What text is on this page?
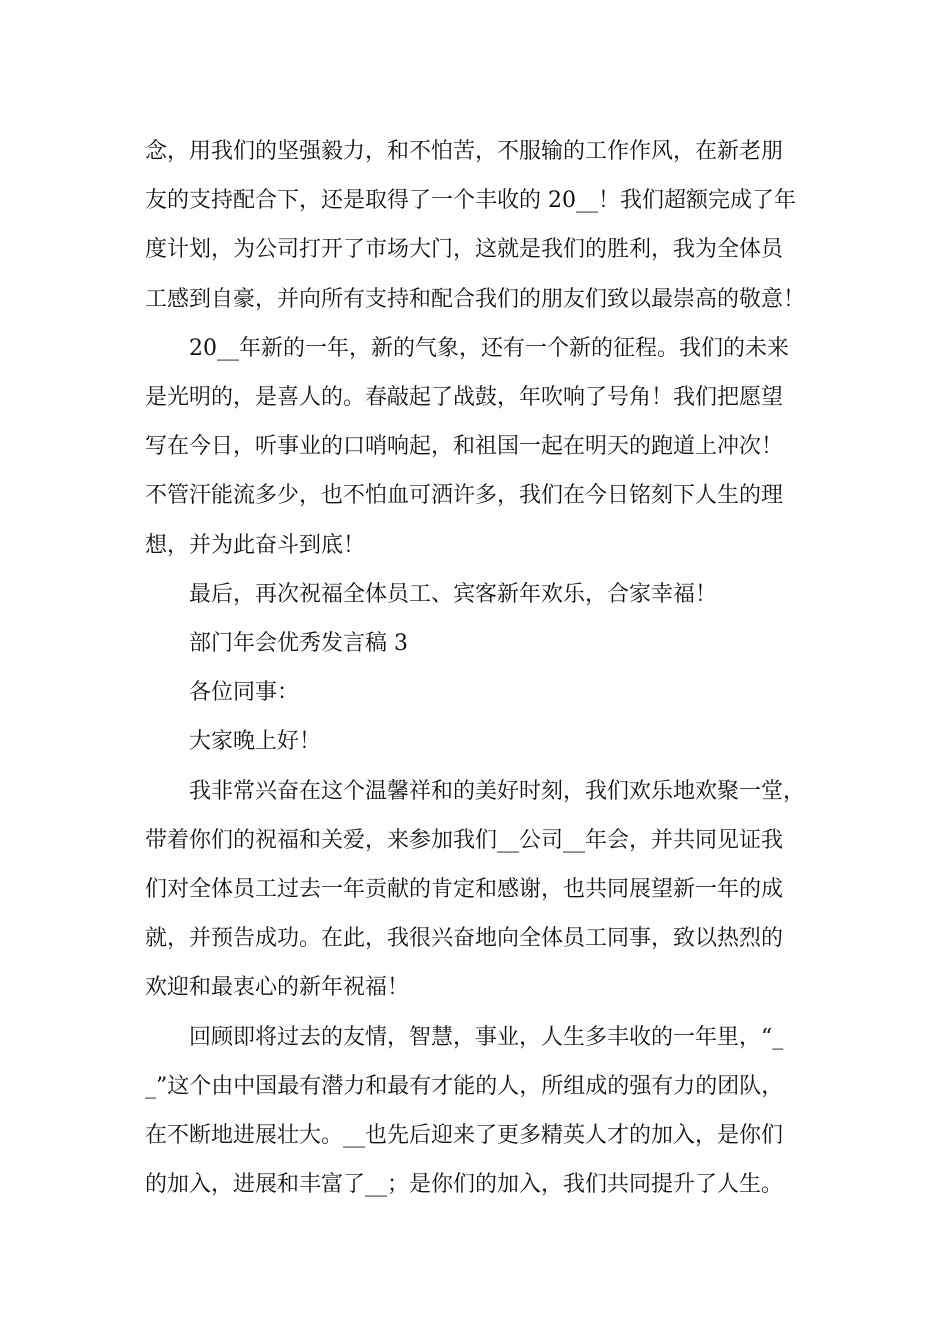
念，用我们的坚强毅力，和不怕苦，不服输的工作作风，在新老朋
友的支持配合下，还是取得了一个丰收的 20__！我们超额完成了年
度计划，为公司打开了市场大门，这就是我们的胜利，我为全体员
工感到自豪，并向所有支持和配合我们的朋友们致以最崇高的敬意！
20__年新的一年，新的气象，还有一个新的征程。我们的未来
是光明的，是喜人的。春敲起了战鼓，年吹响了号角！我们把愿望
写在今日，听事业的口哨响起，和祖国一起在明天的跑道上冲次！
不管汗能流多少，也不怕血可洒许多，我们在今日铭刻下人生的理
想，并为此奋斗到底！
最后，再次祝福全体员工、宾客新年欢乐，合家幸福！
部门年会优秀发言稿 3
各位同事：
大家晚上好！
我非常兴奋在这个温馨祥和的美好时刻，我们欢乐地欢聚一堂，
带着你们的祝福和关爱，来参加我们__公司__年会，并共同见证我
们对全体员工过去一年贡献的肯定和感谢，也共同展望新一年的成
就，并预告成功。在此，我很兴奋地向全体员工同事，致以热烈的
欢迎和最衷心的新年祝福！
回顾即将过去的友情，智慧，事业，人生多丰收的一年里，“_
_”这个由中国最有潜力和最有才能的人，所组成的强有力的团队，
在不断地进展壮大。__也先后迎来了更多精英人才的加入，是你们
的加入，进展和丰富了__；是你们的加入，我们共同提升了人生。
